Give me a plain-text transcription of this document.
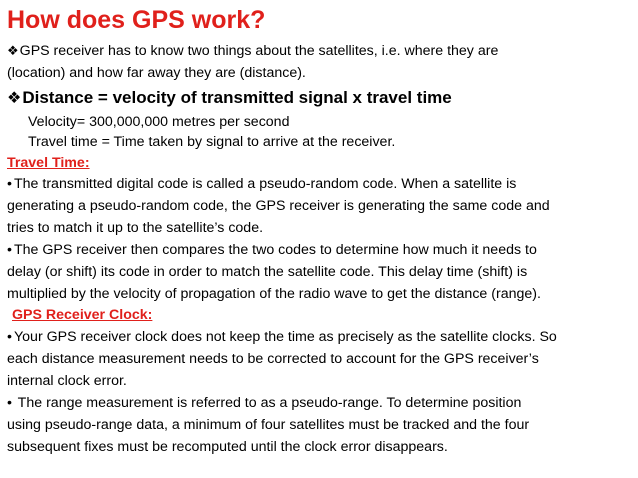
How does GPS work?
❖GPS receiver has to know two things about the satellites, i.e. where they are
(location) and how far away they are (distance).
❖Distance = velocity of transmitted signal x travel time
Velocity= 300,000,000 metres per second
Travel time = Time taken by signal to arrive at the receiver.
Travel Time:
• The transmitted digital code is called a pseudo-random code. When a satellite is
generating a pseudo-random code, the GPS receiver is generating the same code and
tries to match it up to the satellite’s code.
• The GPS receiver then compares the two codes to determine how much it needs to
delay (or shift) its code in order to match the satellite code. This delay time (shift) is
multiplied by the velocity of propagation of the radio wave to get the distance (range).
GPS Receiver Clock:
• Your GPS receiver clock does not keep the time as precisely as the satellite clocks. So
each distance measurement needs to be corrected to account for the GPS receiver’s
internal clock error.
• The range measurement is referred to as a pseudo-range. To determine position
using pseudo-range data, a minimum of four satellites must be tracked and the four
subsequent fixes must be recomputed until the clock error disappears.
